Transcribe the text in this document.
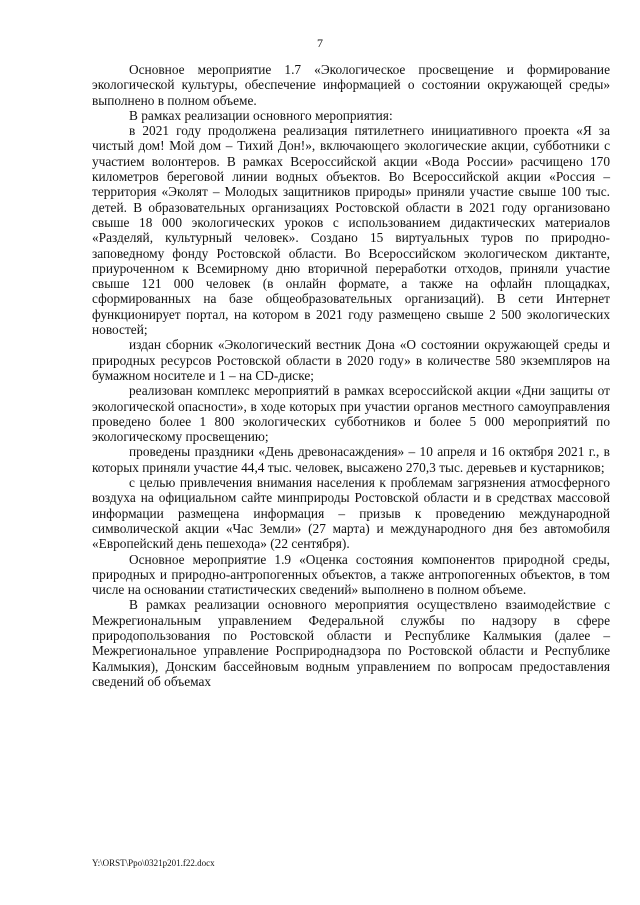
7

Основное мероприятие 1.7 «Экологическое просвещение и формирование экологической культуры, обеспечение информацией о состоянии окружающей среды» выполнено в полном объеме.

В рамках реализации основного мероприятия:

в 2021 году продолжена реализация пятилетнего инициативного проекта «Я за чистый дом! Мой дом – Тихий Дон!», включающего экологические акции, субботники с участием волонтеров. В рамках Всероссийской акции «Вода России» расчищено 170 километров береговой линии водных объектов. Во Всероссийской акции «Россия – территория «Эколят – Молодых защитников природы» приняли участие свыше 100 тыс. детей. В образовательных организациях Ростовской области в 2021 году организовано свыше 18 000 экологических уроков с использованием дидактических материалов «Разделяй, культурный человек». Создано 15 виртуальных туров по природно-заповедному фонду Ростовской области. Во Всероссийском экологическом диктанте, приуроченном к Всемирному дню вторичной переработки отходов, приняли участие свыше 121 000 человек (в онлайн формате, а также на офлайн площадках, сформированных на базе общеобразовательных организаций). В сети Интернет функционирует портал, на котором в 2021 году размещено свыше 2 500 экологических новостей;

издан сборник «Экологический вестник Дона «О состоянии окружающей среды и природных ресурсов Ростовской области в 2020 году» в количестве 580 экземпляров на бумажном носителе и 1 – на CD-диске;

реализован комплекс мероприятий в рамках всероссийской акции «Дни защиты от экологической опасности», в ходе которых при участии органов местного самоуправления проведено более 1 800 экологических субботников и более 5 000 мероприятий по экологическому просвещению;

проведены праздники «День древонасаждения» – 10 апреля и 16 октября 2021 г., в которых приняли участие 44,4 тыс. человек, высажено 270,3 тыс. деревьев и кустарников;

с целью привлечения внимания населения к проблемам загрязнения атмосферного воздуха на официальном сайте минприроды Ростовской области и в средствах массовой информации размещена информация – призыв к проведению международной символической акции «Час Земли» (27 марта) и международного дня без автомобиля «Европейский день пешехода» (22 сентября).

Основное мероприятие 1.9 «Оценка состояния компонентов природной среды, природных и природно-антропогенных объектов, а также антропогенных объектов, в том числе на основании статистических сведений» выполнено в полном объеме.

В рамках реализации основного мероприятия осуществлено взаимодействие с Межрегиональным управлением Федеральной службы по надзору в сфере природопользования по Ростовской области и Республике Калмыкия (далее – Межрегиональное управление Росприроднадзора по Ростовской области и Республике Калмыкия), Донским бассейновым водным управлением по вопросам предоставления сведений об объемах

Y:\ORST\Ppo\0321p201.f22.docx
